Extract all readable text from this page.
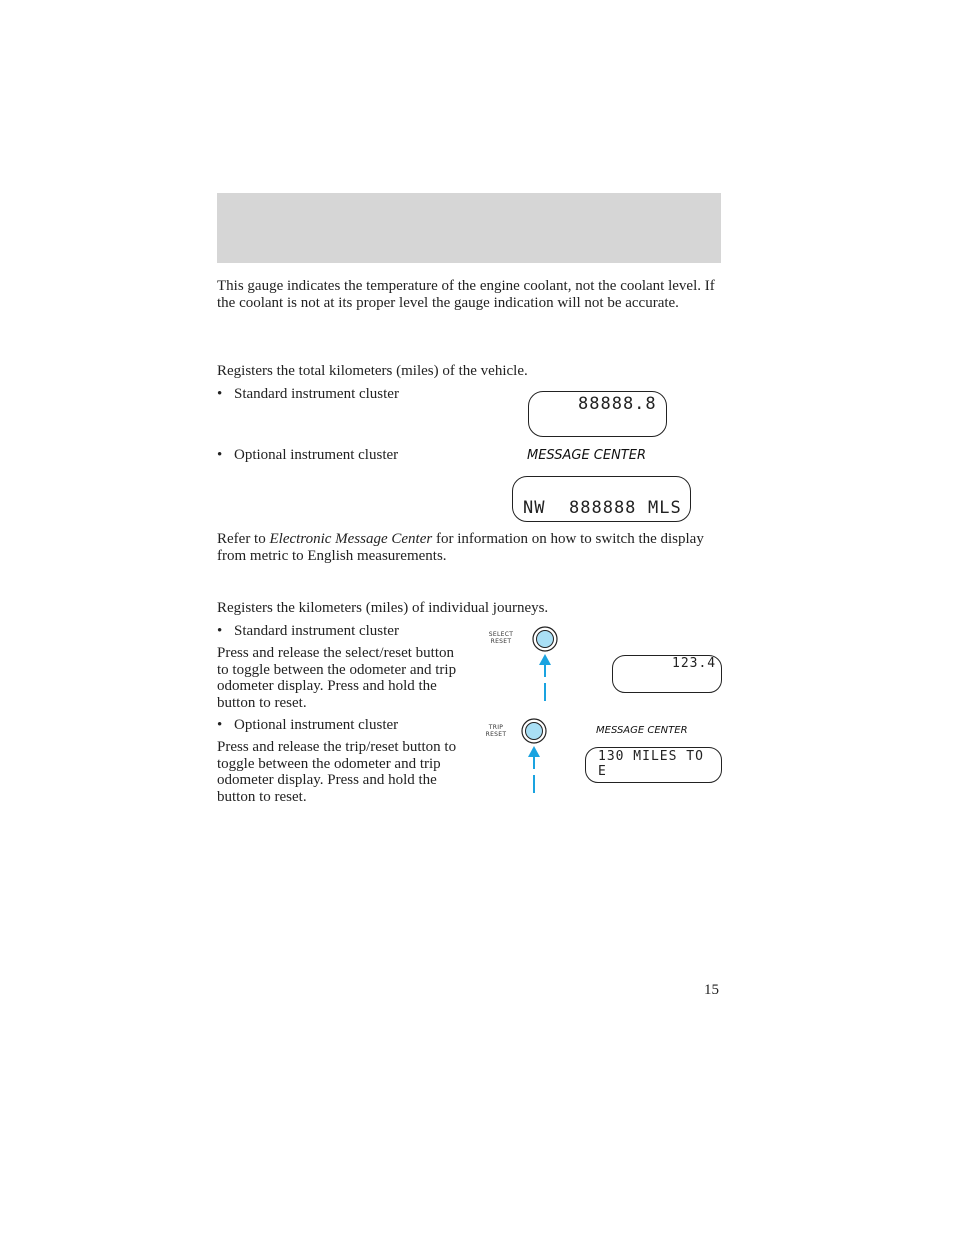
This gauge indicates the temperature of the engine coolant, not the coolant level. If the coolant is not at its proper level the gauge indication will not be accurate.
Registers the total kilometers (miles) of the vehicle.
• Standard instrument cluster	88888.8
• Optional instrument cluster	MESSAGE CENTER
NW 888888 MLS
Refer to Electronic Message Center for information on how to switch the display from metric to English measurements.
Registers the kilometers (miles) of individual journeys.
• Standard instrument cluster
Press and release the select/reset button to toggle between the odometer and trip odometer display. Press and hold the button to reset.
SELECT
RESET
123.4
• Optional instrument cluster
Press and release the trip/reset button to toggle between the odometer and trip odometer display. Press and hold the button to reset.
TRIP
RESET	MESSAGE CENTER
130 MILES TO E
15
